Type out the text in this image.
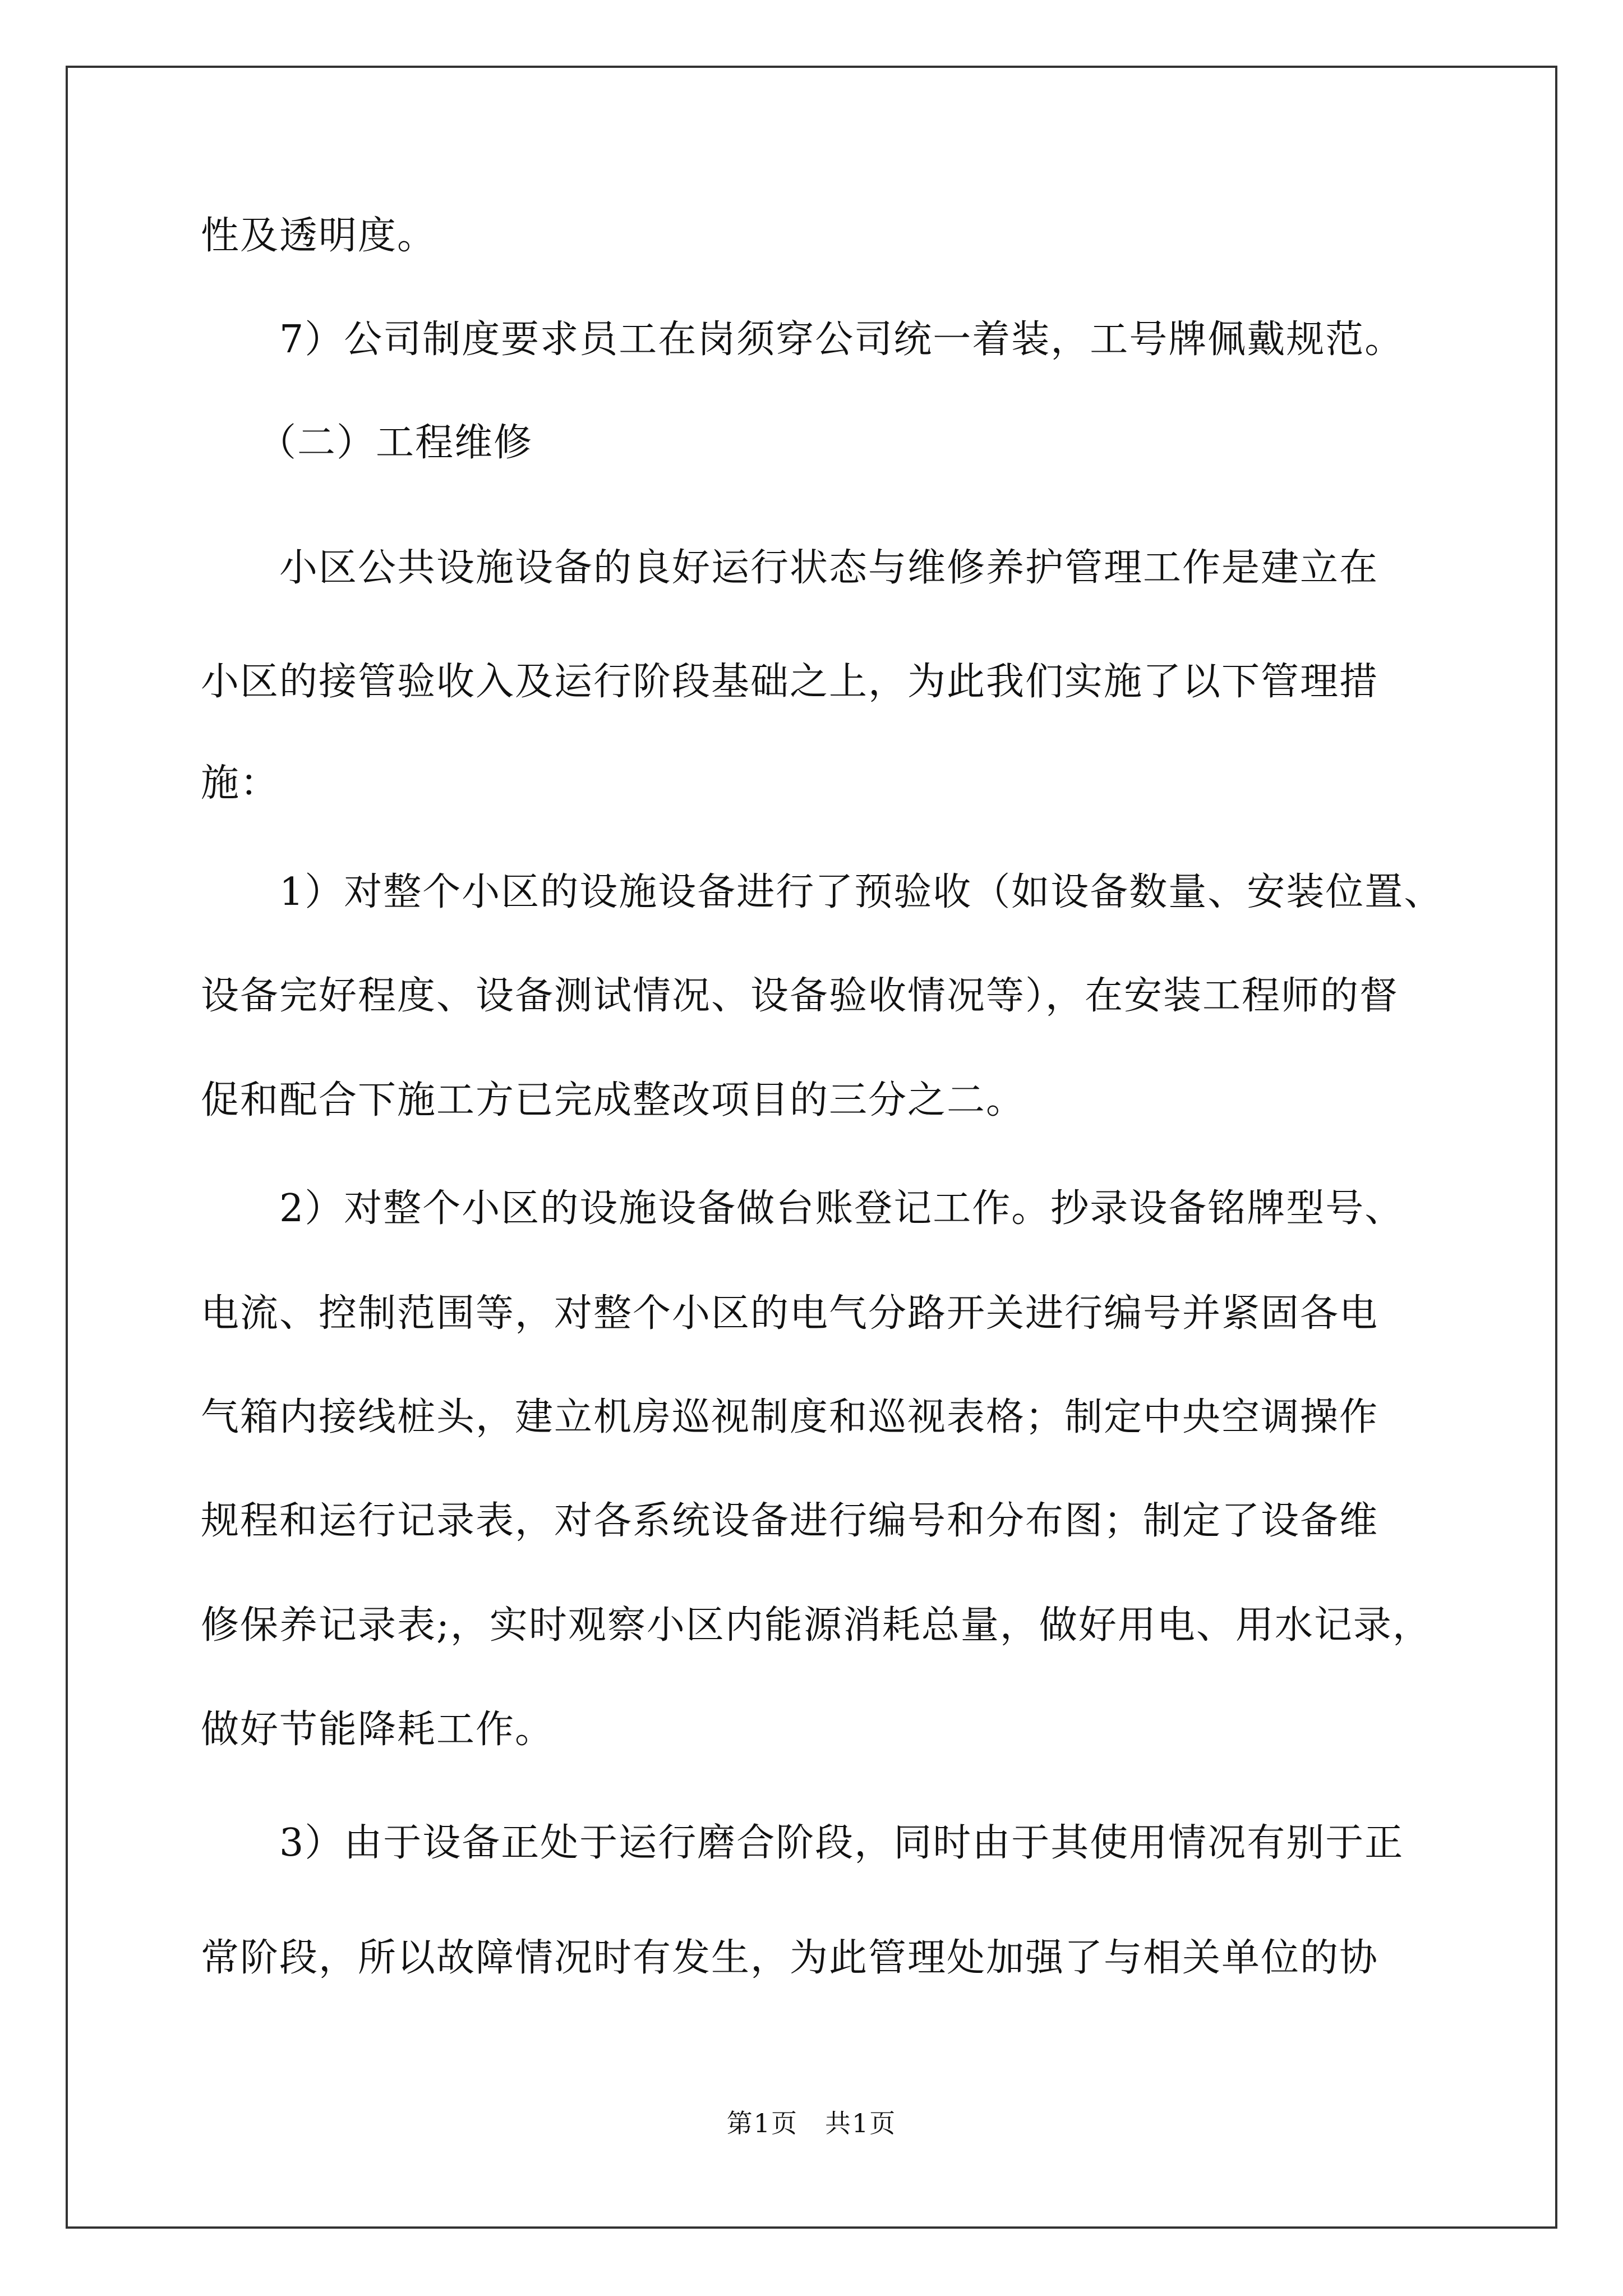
性及透明度。
7）公司制度要求员工在岗须穿公司统一着装，工号牌佩戴规范。
（二）工程维修
小区公共设施设备的良好运行状态与维修养护管理工作是建立在
小区的接管验收入及运行阶段基础之上，为此我们实施了以下管理措
施：
1）对整个小区的设施设备进行了预验收（如设备数量、安装位置、
设备完好程度、设备测试情况、设备验收情况等），在安装工程师的督
促和配合下施工方已完成整改项目的三分之二。
2）对整个小区的设施设备做台账登记工作。抄录设备铭牌型号、
电流、控制范围等，对整个小区的电气分路开关进行编号并紧固各电
气箱内接线桩头，建立机房巡视制度和巡视表格；制定中央空调操作
规程和运行记录表，对各系统设备进行编号和分布图；制定了设备维
修保养记录表;，实时观察小区内能源消耗总量，做好用电、用水记录，
做好节能降耗工作。
3）由于设备正处于运行磨合阶段，同时由于其使用情况有别于正
常阶段，所以故障情况时有发生，为此管理处加强了与相关单位的协
第1页　共1页
